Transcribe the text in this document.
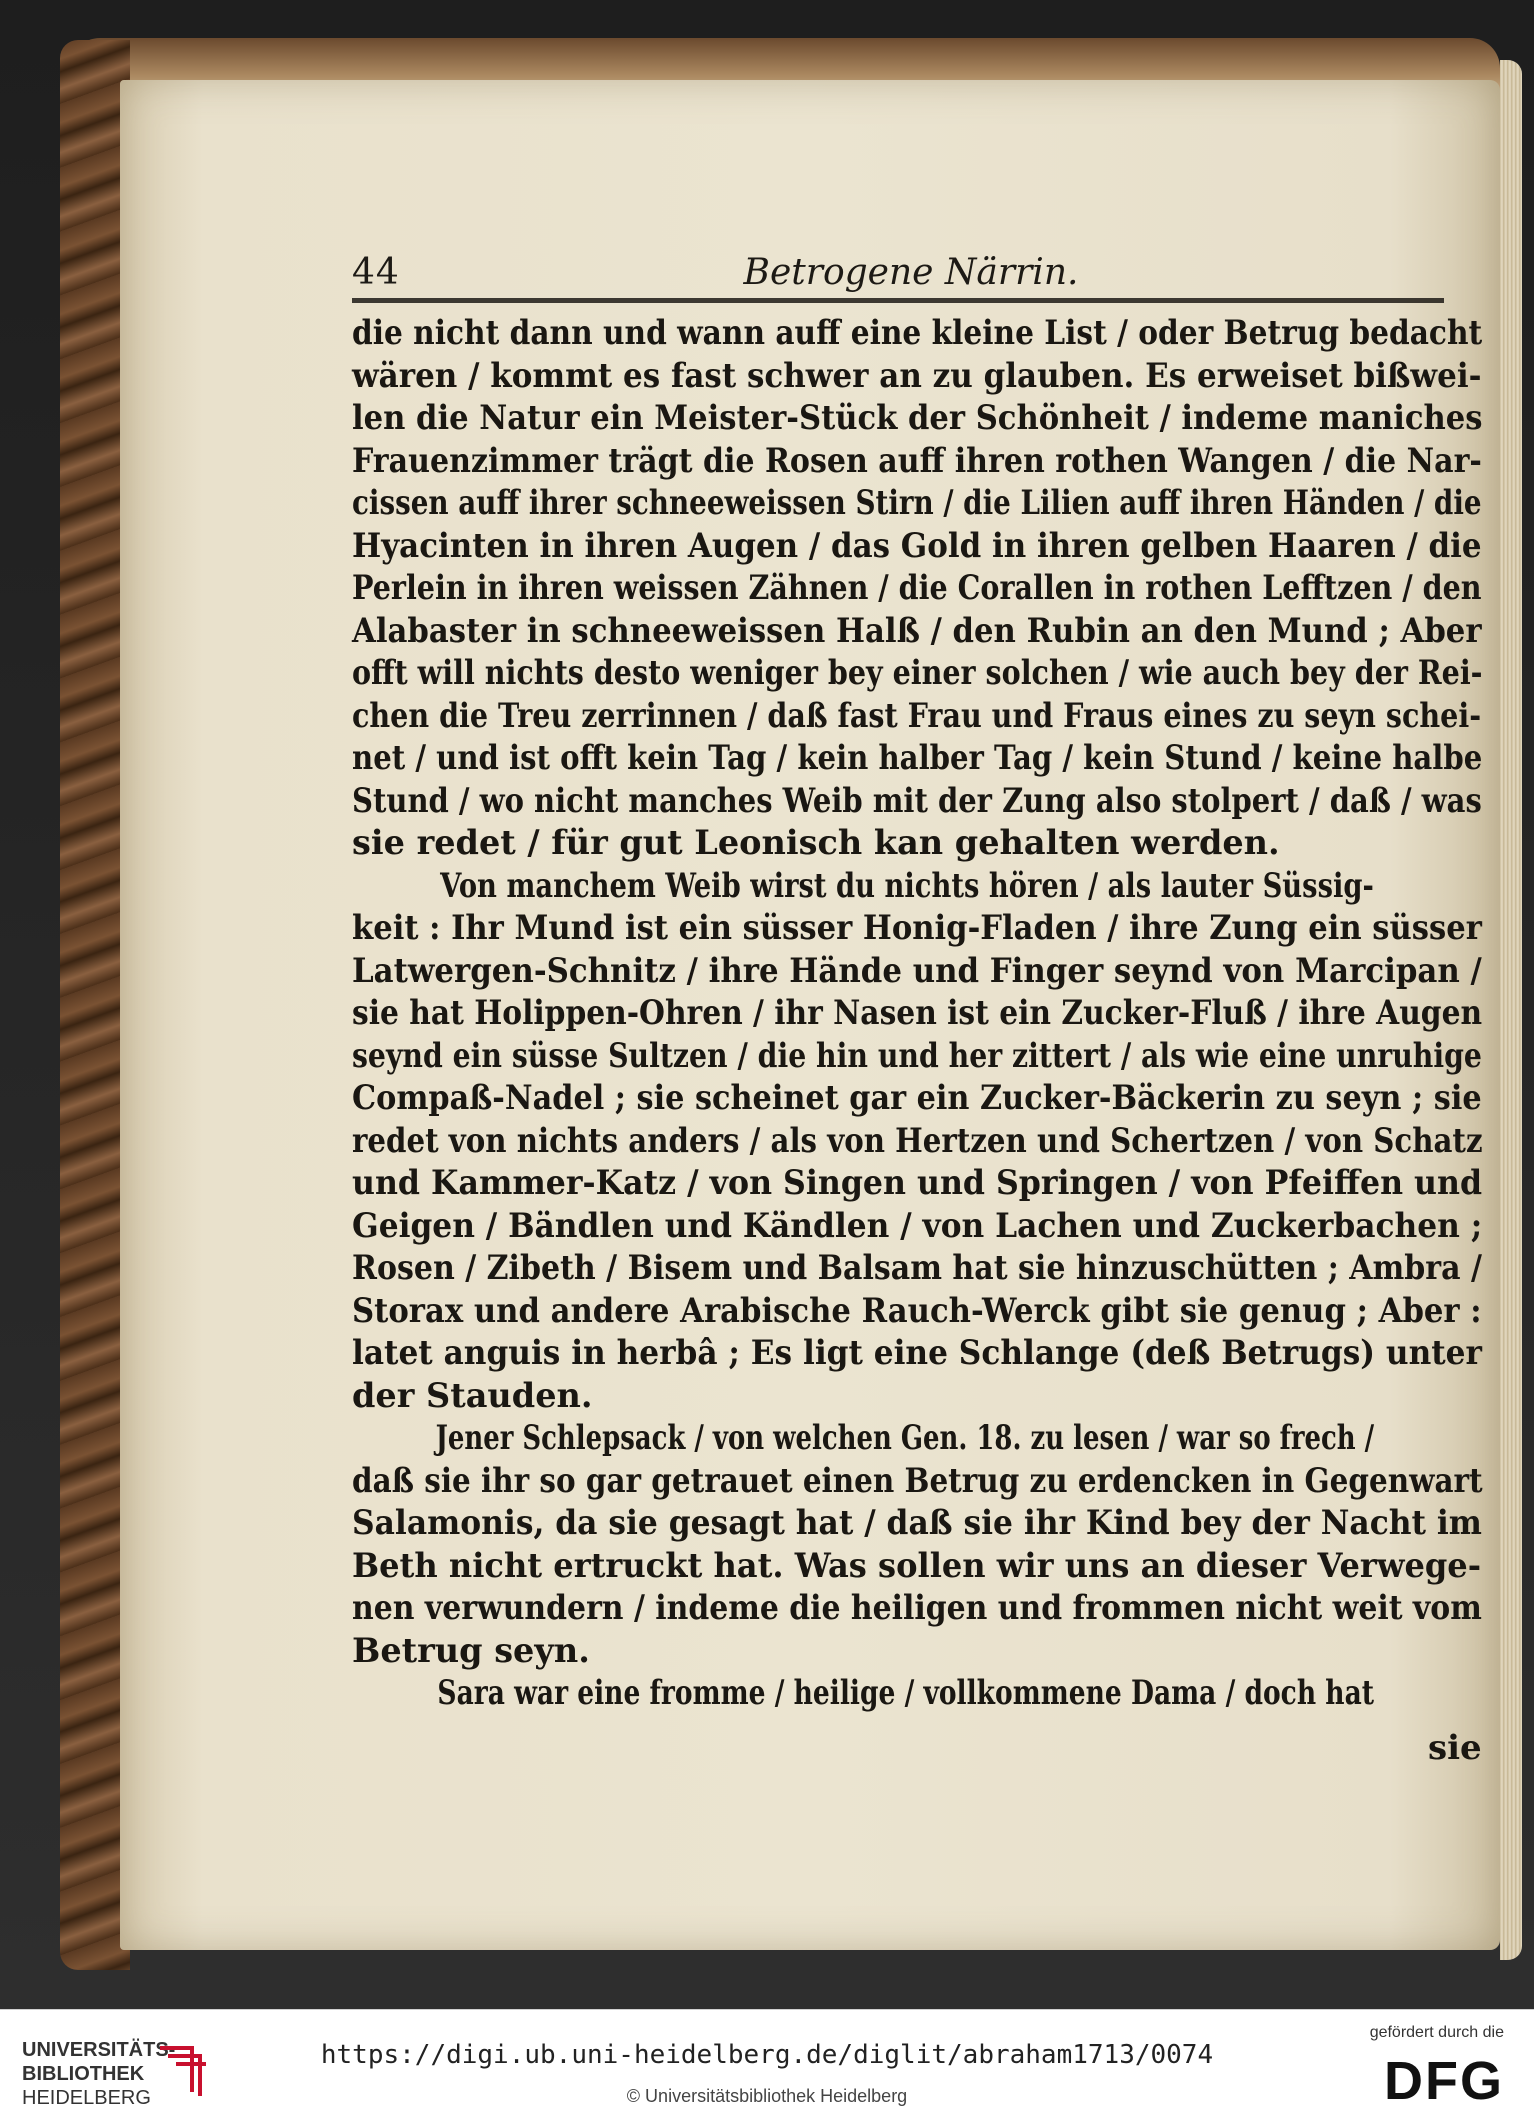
44	Betrogene Närrin.
die nicht dann und wann auff eine kleine List / oder Betrug bedacht
wären / kommt es fast schwer an zu glauben. Es erweiset bißwei-
len die Natur ein Meister-Stück der Schönheit / indeme maniches
Frauenzimmer trägt die Rosen auff ihren rothen Wangen / die Nar-
cissen auff ihrer schneeweissen Stirn / die Lilien auff ihren Händen / die
Hyacinten in ihren Augen / das Gold in ihren gelben Haaren / die
Perlein in ihren weissen Zähnen / die Corallen in rothen Lefftzen / den
Alabaster in schneeweissen Halß / den Rubin an den Mund ; Aber
offt will nichts desto weniger bey einer solchen / wie auch bey der Rei-
chen die Treu zerrinnen / daß fast Frau und Fraus eines zu seyn schei-
net / und ist offt kein Tag / kein halber Tag / kein Stund / keine halbe
Stund / wo nicht manches Weib mit der Zung also stolpert / daß / was
sie redet / für gut Leonisch kan gehalten werden.
Von manchem Weib wirst du nichts hören / als lauter Süssig-
keit : Ihr Mund ist ein süsser Honig-Fladen / ihre Zung ein süsser
Latwergen-Schnitz / ihre Hände und Finger seynd von Marcipan /
sie hat Holippen-Ohren / ihr Nasen ist ein Zucker-Fluß / ihre Augen
seynd ein süsse Sultzen / die hin und her zittert / als wie eine unruhige
Compaß-Nadel ; sie scheinet gar ein Zucker-Bäckerin zu seyn ; sie
redet von nichts anders / als von Hertzen und Schertzen / von Schatz
und Kammer-Katz / von Singen und Springen / von Pfeiffen und
Geigen / Bändlen und Kändlen / von Lachen und Zuckerbachen ;
Rosen / Zibeth / Bisem und Balsam hat sie hinzuschütten ; Ambra /
Storax und andere Arabische Rauch-Werck gibt sie genug ; Aber :
latet anguis in herbâ ; Es ligt eine Schlange (deß Betrugs) unter
der Stauden.
Jener Schlepsack / von welchen Gen. 18. zu lesen / war so frech /
daß sie ihr so gar getrauet einen Betrug zu erdencken in Gegenwart
Salamonis, da sie gesagt hat / daß sie ihr Kind bey der Nacht im
Beth nicht ertruckt hat. Was sollen wir uns an dieser Verwege-
nen verwundern / indeme die heiligen und frommen nicht weit vom
Betrug seyn.
Sara war eine fromme / heilige / vollkommene Dama / doch hat
sie
UNIVERSITÄTS-
BIBLIOTHEK
HEIDELBERG
https://digi.ub.uni-heidelberg.de/diglit/abraham1713/0074
© Universitätsbibliothek Heidelberg
gefördert durch die
DFG
